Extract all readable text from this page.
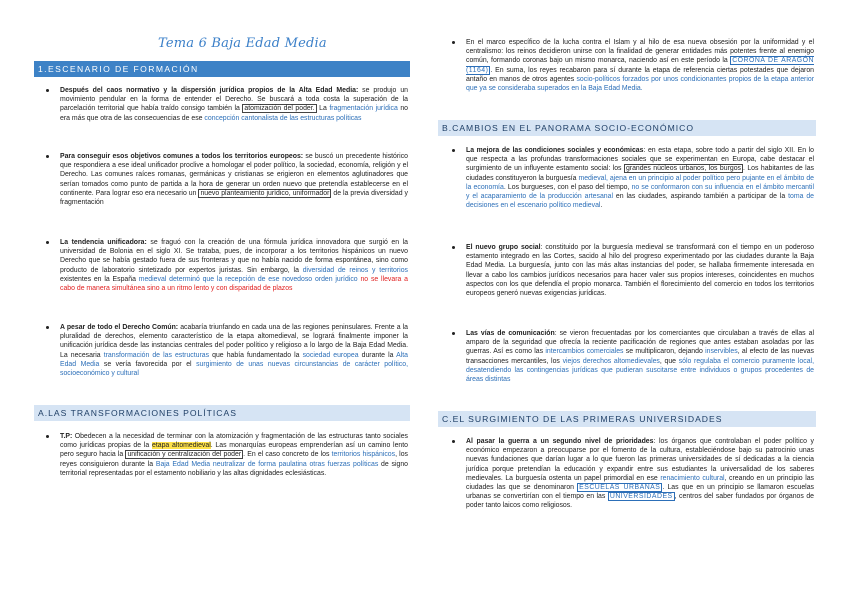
Tema 6 Baja Edad Media
1.ESCENARIO DE FORMACIÓN
Después del caos normativo y la dispersión jurídica propios de la Alta Edad Media: se produjo un movimiento pendular en la forma de entender el Derecho. Se buscará a toda costa la superación de la parcelación territorial que había traído consigo también la atomización del poder. La fragmentación jurídica no era más que otra de las consecuencias de ese concepción cantonalista de las estructuras políticas
Para conseguir esos objetivos comunes a todos los territorios europeos: se buscó un precedente histórico que respondiera a ese ideal unificador proclive a homologar el poder político, la sociedad, economía, religión y el Derecho. Las comunes raíces romanas, germánicas y cristianas se erigieron en elementos aglutinadores que serían tomados como punto de partida a la hora de generar un orden nuevo que pretendía establecerse en el continente. Para lograr eso era necesario un nuevo planteamiento jurídico, uniformador de la previa diversidad y fragmentación
La tendencia unificadora: se fraguó con la creación de una fórmula jurídica innovadora que surgió en la universidad de Bolonia en el siglo XI. Se trataba, pues, de incorporar a los territorios hispánicos un nuevo Derecho que se había gestado fuera de sus fronteras y que no había nacido de forma espontánea, sino como producto de laboratorio sintetizado por expertos juristas. Sin embargo, la diversidad de reinos y territorios existentes en la España medieval determinó que la recepción de ese novedoso orden jurídico no se llevara a cabo de manera simultánea sino a un ritmo lento y con disparidad de plazos
A pesar de todo el Derecho Común: acabaría triunfando en cada una de las regiones peninsulares. Frente a la pluralidad de derechos, elemento característico de la etapa altomedieval, se logrará finalmente imponer la unificación jurídica desde las instancias centrales del poder político y religioso a lo largo de la Baja Edad Media. La necesaria transformación de las estructuras que había fundamentado la sociedad europea durante la Alta Edad Media se vería favorecida por el surgimiento de unas nuevas circunstancias de carácter político, socioeconómico y cultural
A.LAS TRANSFORMACIONES POLÍTICAS
T.P: Obedecen a la necesidad de terminar con la atomización y fragmentación de las estructuras tanto sociales como jurídicas propias de la etapa altomedieval. Las monarquías europeas emprenderían así un camino lento pero seguro hacia la unificación y centralización del poder . En el caso concreto de los territorios hispánicos, los reyes consiguieron durante la Baja Edad Media neutralizar de forma paulatina otras fuerzas políticas de signo territorial representadas por el estamento nobiliario y las altas dignidades eclesiásticas.
En el marco específico de la lucha contra el Islam y al hilo de esa nueva obsesión por la uniformidad y el centralismo: los reinos decidieron unirse con la finalidad de generar entidades más potentes frente al enemigo común, formando coronas bajo un mismo monarca, naciendo así en este período la CORONA DE ARAGÓN (1164) . En suma, los reyes recabaron para sí durante la etapa de referencia ciertas potestades que dejaron antaño en manos de otros agentes socio-políticos forzados por unos condicionantes propios de la etapa anterior que ya se consideraba superados en la Baja Edad Media.
B.CAMBIOS EN EL PANORAMA SOCIO-ECONÓMICO
La mejora de las condiciones sociales y económicas: en esta etapa, sobre todo a partir del siglo XII. En lo que respecta a las profundas transformaciones sociales que se experimentan en Europa, cabe destacar el surgimiento de un influyente estamento social: los grandes núcleos urbanos, los burgos . Los habitantes de las ciudades constituyeron la burguesía medieval, ajena en un principio al poder político pero pujante en el ámbito de la economía. Los burgueses, con el paso del tiempo, no se conformaron con su influencia en el ámbito mercantil y el acaparamiento de la producción artesanal en las ciudades, aspirando también a participar de la toma de decisiones en el escenario político medieval.
El nuevo grupo social: constituido por la burguesía medieval se transformará con el tiempo en un poderoso estamento integrado en las Cortes, sacido al hilo del progreso experimentado por las ciudades durante la Baja Edad Media. La burguesía, junto con las más altas instancias del poder, se hallaba firmemente interesada en llevar a cabo los cambios jurídicos necesarios para hacer valer sus propios intereses, coincidentes en muchos aspectos con los que defendía el propio monarca. También el florecimiento del comercio en todos los territorios europeos generó nuevas exigencias jurídicas.
Las vías de comunicación: se vieron frecuentadas por los comerciantes que circulaban a través de ellas al amparo de la seguridad que ofrecía la reciente pacificación de regiones que antes estaban asoladas por las guerras. Así es como las intercambios comerciales se multiplicaron, dejando inservibles, al efecto de las nuevas transacciones mercantiles, los viejos derechos altomedievales, que sólo regulaba el comercio puramente local, desatendiendo las contingencias jurídicas que pudieran suscitarse entre individuos o grupos procedentes de áreas distintas
C.EL SURGIMIENTO DE LAS PRIMERAS UNIVERSIDADES
Al pasar la guerra a un segundo nivel de prioridades: los órganos que controlaban el poder político y económico empezaron a preocuparse por el fomento de la cultura, estableciéndose bajo su patrocinio unas nuevas fundaciones que darían lugar a lo que fueron las primeras universidades de sí dedicadas a la ciencia jurídica porque pretendían la educación y expandir entre sus estudiantes la universalidad de los saberes medievales. La burguesía ostenta un papel primordial en ese renacimiento cultural, creando en un principio las ciudades las que se denominaron ESCUELAS URBANAS . Las que en un principio se llamaron escuelas urbanas se convertirían con el tiempo en las UNIVERSIDADES , centros del saber fundados por órganos de poder tanto laicos como religiosos.
